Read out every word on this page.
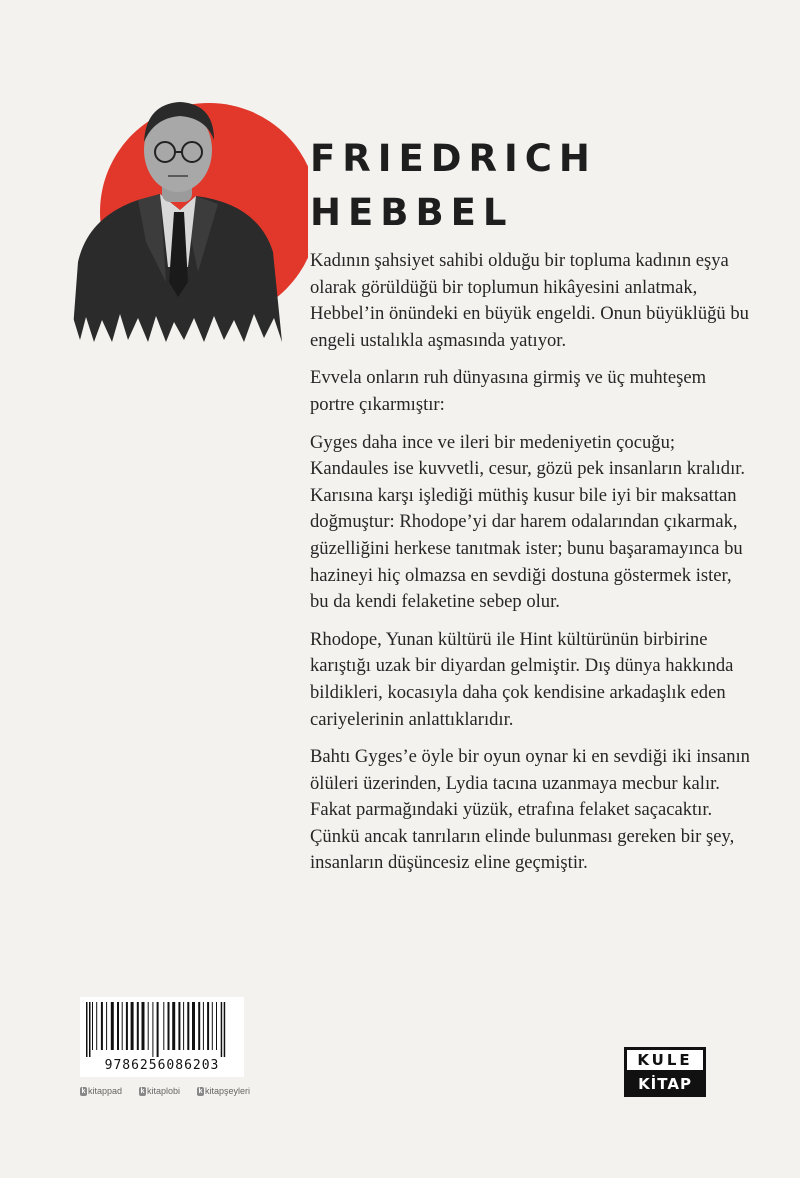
FRIEDRICH
HEBBEL

Kadının şahsiyet sahibi olduğu bir topluma kadının eşya olarak görüldüğü bir toplumun hikâyesini anlatmak, Hebbel’in önündeki en büyük engeldi. Onun büyüklüğü bu engeli ustalıkla aşmasında yatıyor.

Evvela onların ruh dünyasına girmiş ve üç muhteşem portre çıkarmıştır:

Gyges daha ince ve ileri bir medeniyetin çocuğu; Kandaules ise kuvvetli, cesur, gözü pek insanların kralıdır. Karısına karşı işlediği müthiş kusur bile iyi bir maksattan doğmuştur: Rhodope’yi dar harem odalarından çıkarmak, güzelliğini herkese tanıtmak ister; bunu başaramayınca bu hazineyi hiç olmazsa en sevdiği dostuna göstermek ister, bu da kendi felaketine sebep olur.

Rhodope, Yunan kültürü ile Hint kültürünün birbirine karıştığı uzak bir diyardan gelmiştir. Dış dünya hakkında bildikleri, kocasıyla daha çok kendisine arkadaşlık eden cariyelerinin anlattıklarıdır.

Bahtı Gyges’e öyle bir oyun oynar ki en sevdiği iki insanın ölüleri üzerinden, Lydia tacına uzanmaya mecbur kalır. Fakat parmağındaki yüzük, etrafına felaket saçacaktır. Çünkü ancak tanrıların elinde bulunması gereken bir şey, insanların düşüncesiz eline geçmiştir.

9786256086203
k kitappad	k kitaplobi	k kitapşeyleri
KULE
KİTAP
